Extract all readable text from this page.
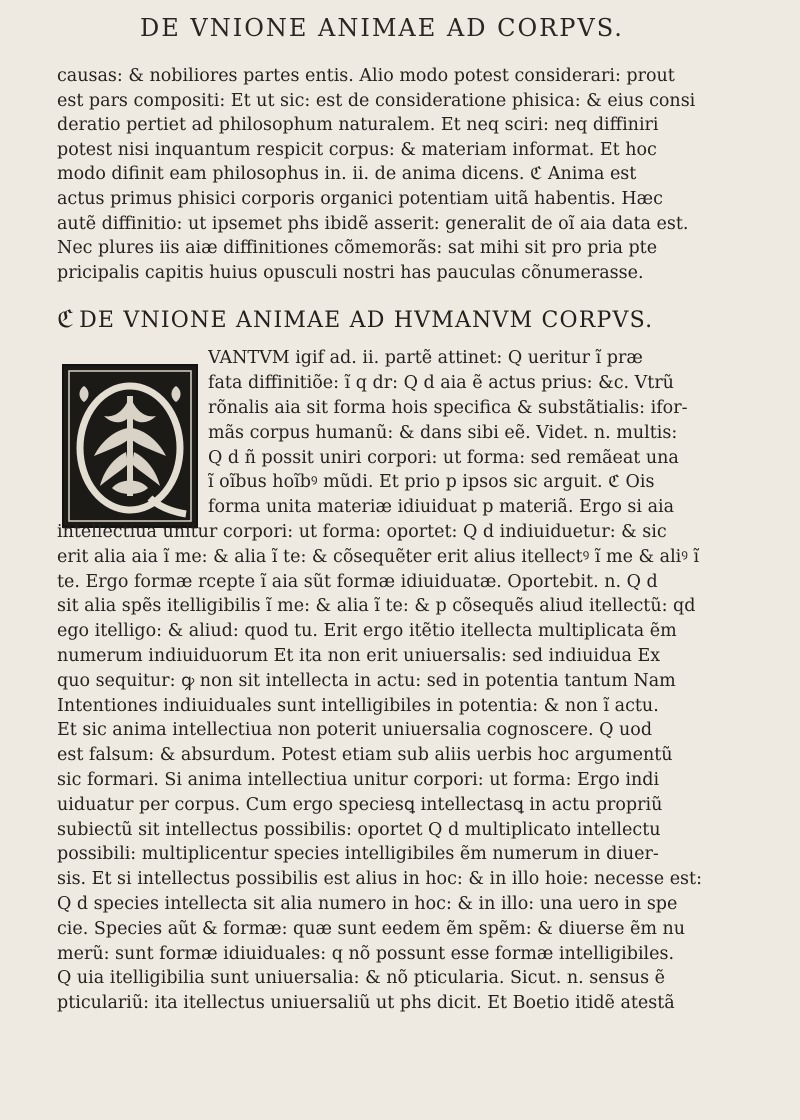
DE VNIONE ANIMAE AD CORPVS.
causas: & nobiliores partes entis. Alio modo potest considerari: prout
est pars compositi: Et ut sic: est de consideratione phisica: & eius consi
deratio pertiet ad philosophum naturalem. Et neq sciri: neq diffiniri
potest nisi inquantum respicit corpus: & materiam informat. Et hoc
modo difinit eam philosophus in. ii. de anima dicens. ℭ Anima est
actus primus phisici corporis organici potentiam uitã habentis. Hæc
autẽ diffinitio: ut ipsemet phs ibidẽ asserit: generalit de oĩ aia data est.
Nec plures iis aiæ diffinitiones cõmemorãs: sat mihi sit pro pria pte
pricipalis capitis huius opusculi nostri has pauculas cõnumerasse.
ℭ DE VNIONE ANIMAE AD HVMANVM CORPVS.
VANTVM igif ad. ii. partẽ attinet: Q ueritur ĩ præ
fata diffinitiõe: ĩ q dr: Q d aia ẽ actus prius: &c. Vtrũ
rõnalis aia sit forma hois specifica & substãtialis: ifor-
mãs corpus humanũ: & dans sibi eẽ. Videt. n. multis:
Q d ñ possit uniri corpori: ut forma: sed remãeat una
ĩ oĩbus hoĩbꝰ mũdi. Et prio p ipsos sic arguit. ℭ Ois
forma unita materiæ idiuiduat p materiã. Ergo si aia
intellectiua unitur corpori: ut forma: oportet: Q d indiuiduetur: & sic
erit alia aia ĩ me: & alia ĩ te: & cõsequẽter erit alius itellectꝰ ĩ me & aliꝰ ĩ
te. Ergo formæ rcepte ĩ aia sũt formæ idiuiduatæ. Oportebit. n. Q d
sit alia spẽs itelligibilis ĩ me: & alia ĩ te: & p cõsequẽs aliud itellectũ: qd
ego itelligo: & aliud: quod tu. Erit ergo itẽtio itellecta multiplicata ẽm
numerum indiuiduorum Et ita non erit uniuersalis: sed indiuidua Ex
quo sequitur: ꝙ non sit intellecta in actu: sed in potentia tantum Nam
Intentiones indiuiduales sunt intelligibiles in potentia: & non ĩ actu.
Et sic anima intellectiua non poterit uniuersalia cognoscere. Q uod
est falsum: & absurdum. Potest etiam sub aliis uerbis hoc argumentũ
sic formari. Si anima intellectiua unitur corpori: ut forma: Ergo indi
uiduatur per corpus. Cum ergo speciesꝗ intellectasꝗ in actu propriũ
subiectũ sit intellectus possibilis: oportet Q d multiplicato intellectu
possibili: multiplicentur species intelligibiles ẽm numerum in diuer-
sis. Et si intellectus possibilis est alius in hoc: & in illo hoie: necesse est:
Q d species intellecta sit alia numero in hoc: & in illo: una uero in spe
cie. Species aũt & formæ: quæ sunt eedem ẽm spẽm: & diuerse ẽm nu
merũ: sunt formæ idiuiduales: q nõ possunt esse formæ intelligibiles.
Q uia itelligibilia sunt uniuersalia: & nõ pticularia. Sicut. n. sensus ẽ
pticulariũ: ita itellectus uniuersaliũ ut phs dicit. Et Boetio itidẽ atestã
